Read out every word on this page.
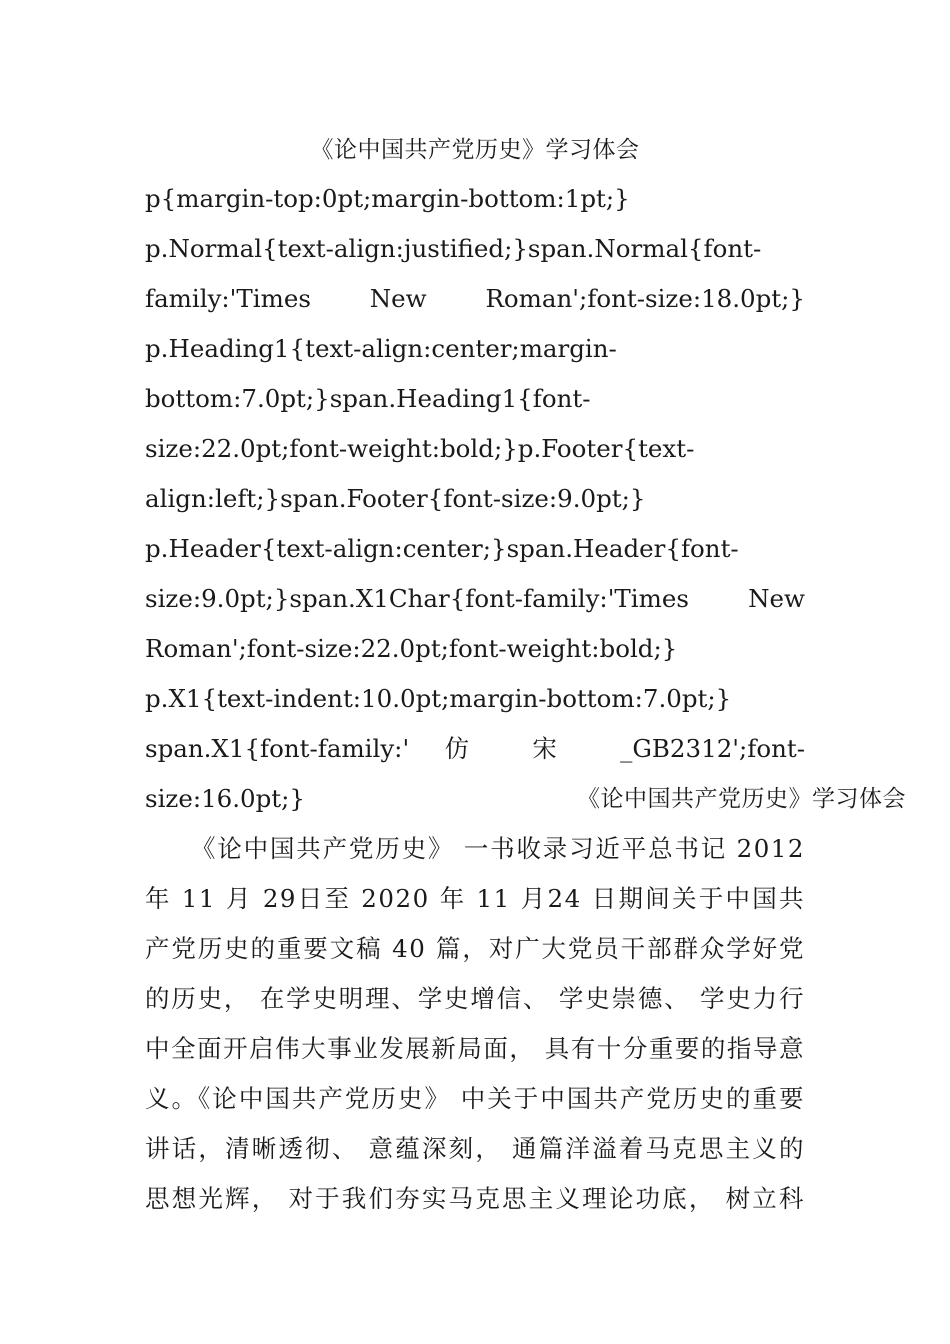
《论中国共产党历史》学习体会

p{margin-top:0pt;margin-bottom:1pt;}

p.Normal{text-align:justified;}span.Normal{font-

family:'Times New Roman';font-size:18.0pt;}

p.Heading1{text-align:center;margin-

bottom:7.0pt;}span.Heading1{font-

size:22.0pt;font-weight:bold;}p.Footer{text-

align:left;}span.Footer{font-size:9.0pt;}

p.Header{text-align:center;}span.Header{font-

size:9.0pt;}span.X1Char{font-family:'Times New

Roman';font-size:22.0pt;font-weight:bold;}

p.X1{text-indent:10.0pt;margin-bottom:7.0pt;}

span.X1{font-family:' 仿 宋 _GB2312';font-

size:16.0pt;}	《论中国共产党历史》学习体会

《论中国共产党历史》 一书收录习近平总书记 2012

年 11 月 29日至 2020 年 11 月24 日期间关于中国共

产党历史的重要文稿 40 篇，对广大党员干部群众学好党

的历史， 在学史明理、学史增信、 学史崇德、 学史力行

中全面开启伟大事业发展新局面， 具有十分重要的指导意

义。《论中国共产党历史》 中关于中国共产党历史的重要

讲话，清晰透彻、 意蕴深刻， 通篇洋溢着马克思主义的

思想光辉， 对于我们夯实马克思主义理论功底， 树立科
